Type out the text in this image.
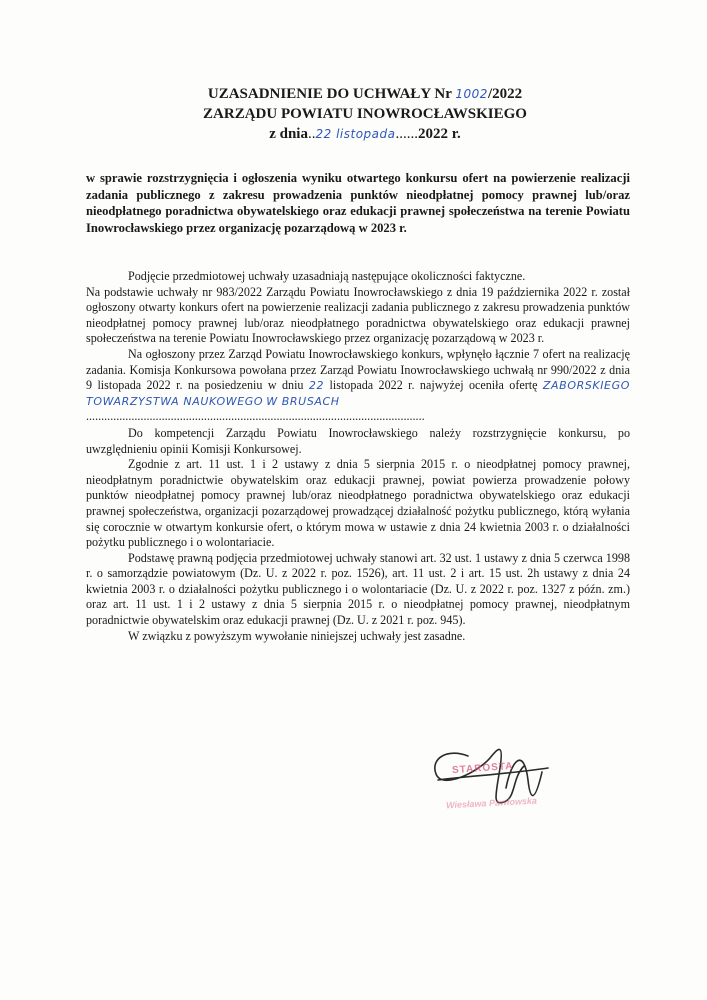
UZASADNIENIE DO UCHWAŁY Nr 1002/2022
ZARZĄDU POWIATU INOWROCŁAWSKIEGO
z dnia..22 listopada......2022 r.
w sprawie rozstrzygnięcia i ogłoszenia wyniku otwartego konkursu ofert na powierzenie realizacji zadania publicznego z zakresu prowadzenia punktów nieodpłatnej pomocy prawnej lub/oraz nieodpłatnego poradnictwa obywatelskiego oraz edukacji prawnej społeczeństwa na terenie Powiatu Inowrocławskiego przez organizację pozarządową w 2023 r.

Podjęcie przedmiotowej uchwały uzasadniają następujące okoliczności faktyczne.

Na podstawie uchwały nr 983/2022 Zarządu Powiatu Inowrocławskiego z dnia 19 października 2022 r. został ogłoszony otwarty konkurs ofert na powierzenie realizacji zadania publicznego z zakresu prowadzenia punktów nieodpłatnej pomocy prawnej lub/oraz nieodpłatnego poradnictwa obywatelskiego oraz edukacji prawnej społeczeństwa na terenie Powiatu Inowrocławskiego przez organizację pozarządową w 2023 r.

Na ogłoszony przez Zarząd Powiatu Inowrocławskiego konkurs, wpłynęło łącznie 7 ofert na realizację zadania. Komisja Konkursowa powołana przez Zarząd Powiatu Inowrocławskiego uchwałą nr 990/2022 z dnia 9 listopada 2022 r. na posiedzeniu w dniu 22 listopada 2022 r. najwyżej oceniła ofertę ZABORSKIEGO TOWARZYSTWA NAUKOWEGO W BRUSACH

................................................................................................................

Do kompetencji Zarządu Powiatu Inowrocławskiego należy rozstrzygnięcie konkursu, po uwzględnieniu opinii Komisji Konkursowej.

Zgodnie z art. 11 ust. 1 i 2 ustawy z dnia 5 sierpnia 2015 r. o nieodpłatnej pomocy prawnej, nieodpłatnym poradnictwie obywatelskim oraz edukacji prawnej, powiat powierza prowadzenie połowy punktów nieodpłatnej pomocy prawnej lub/oraz nieodpłatnego poradnictwa obywatelskiego oraz edukacji prawnej społeczeństwa, organizacji pozarządowej prowadzącej działalność pożytku publicznego, którą wyłania się corocznie w otwartym konkursie ofert, o którym mowa w ustawie z dnia 24 kwietnia 2003 r. o działalności pożytku publicznego i o wolontariacie.

Podstawę prawną podjęcia przedmiotowej uchwały stanowi art. 32 ust. 1 ustawy z dnia 5 czerwca 1998 r. o samorządzie powiatowym (Dz. U. z 2022 r. poz. 1526), art. 11 ust. 2 i art. 15 ust. 2h ustawy z dnia 24 kwietnia 2003 r. o działalności pożytku publicznego i o wolontariacie (Dz. U. z 2022 r. poz. 1327 z późn. zm.) oraz art. 11 ust. 1 i 2 ustawy z dnia 5 sierpnia 2015 r. o nieodpłatnej pomocy prawnej, nieodpłatnym poradnictwie obywatelskim oraz edukacji prawnej (Dz. U. z 2021 r. poz. 945).

W związku z powyższym wywołanie niniejszej uchwały jest zasadne.

STAROSTA
Wiesława Pawłowska
